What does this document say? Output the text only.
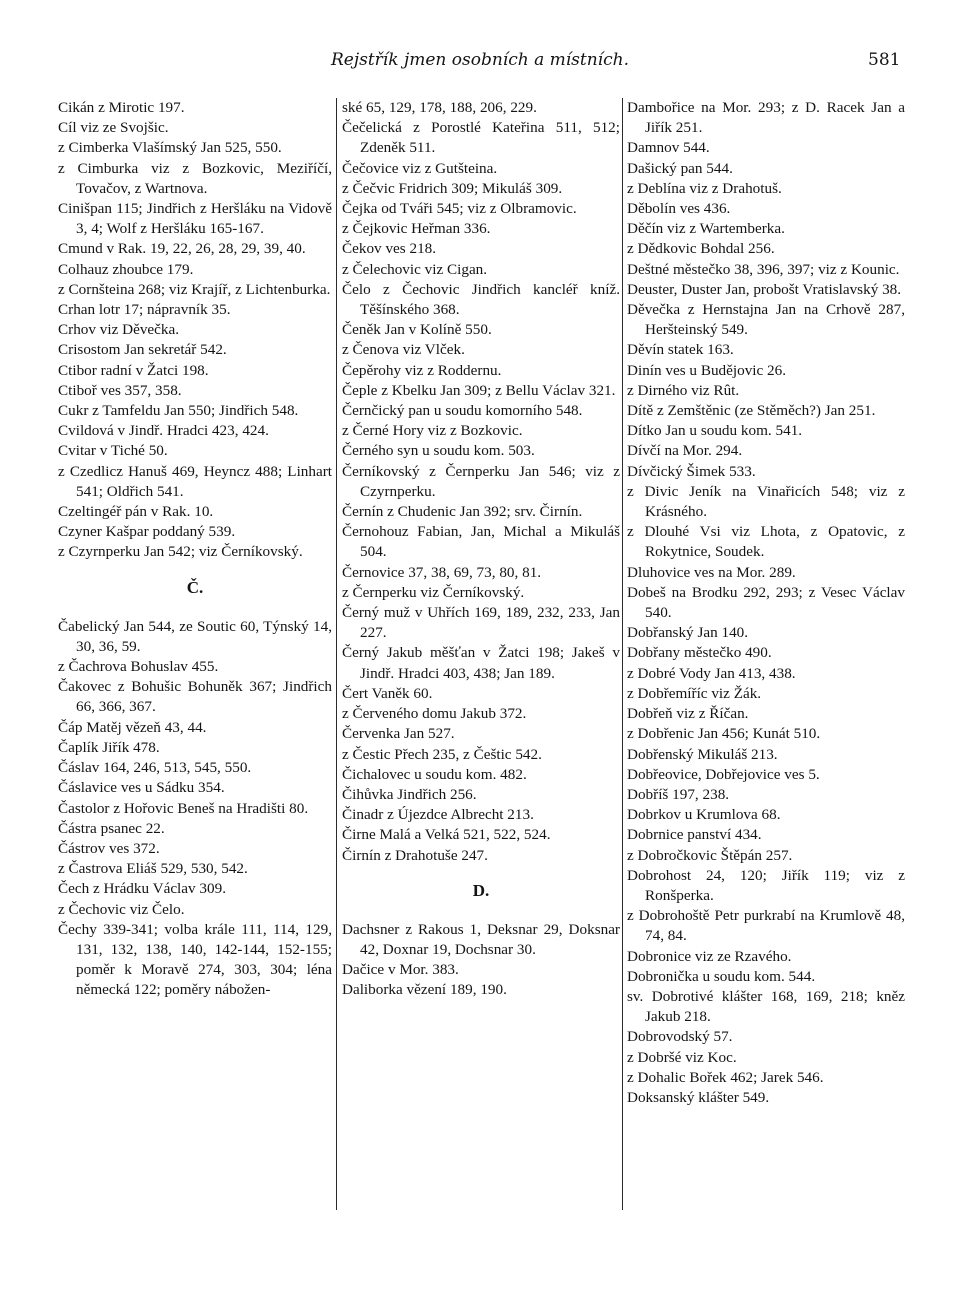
Rejstřík jmen osobních a místních.	581

Cikán z Mirotic 197.

Cíl viz ze Svojšic.

z Cimberka Vlašímský Jan 525, 550.

z Cimburka viz z Bozkovic, Meziříčí, Tovačov, z Wartnova.

Cinišpan 115; Jindřich z Heršláku na Vidově 3, 4; Wolf z Heršláku 165-167.

Cmund v Rak. 19, 22, 26, 28, 29, 39, 40.

Colhauz zhoubce 179.

z Cornšteina 268; viz Krajíř, z Lichtenburka.

Crhan lotr 17; nápravník 35.

Crhov viz Děvečka.

Crisostom Jan sekretář 542.

Ctibor radní v Žatci 198.

Ctiboř ves 357, 358.

Cukr z Tamfeldu Jan 550; Jindřich 548.

Cvildová v Jindř. Hradci 423, 424.

Cvitar v Tiché 50.

z Czedlicz Hanuš 469, Heyncz 488; Linhart 541; Oldřich 541.

Czeltingéř pán v Rak. 10.

Czyner Kašpar poddaný 539.

z Czyrnperku Jan 542; viz Černíkovský.

Č.

Čabelický Jan 544, ze Soutic 60, Týnský 14, 30, 36, 59.

z Čachrova Bohuslav 455.

Čakovec z Bohušic Bohuněk 367; Jindřich 66, 366, 367.

Čáp Matěj vězeň 43, 44.

Čaplík Jiřík 478.

Čáslav 164, 246, 513, 545, 550.

Čáslavice ves u Sádku 354.

Častolor z Hořovic Beneš na Hradišti 80.

Částra psanec 22.

Částrov ves 372.

z Častrova Eliáš 529, 530, 542.

Čech z Hrádku Václav 309.

z Čechovic viz Čelo.

Čechy 339-341; volba krále 111, 114, 129, 131, 132, 138, 140, 142-144, 152-155; poměr k Moravě 274, 303, 304; léna německá 122; poměry nábožen-

ské 65, 129, 178, 188, 206, 229.

Čečelická z Porostlé Kateřina 511, 512; Zdeněk 511.

Čečovice viz z Gutšteina.

z Čečvic Fridrich 309; Mikuláš 309.

Čejka od Tváři 545; viz z Olbramovic.

z Čejkovic Heřman 336.

Čekov ves 218.

z Čelechovic viz Cigan.

Čelo z Čechovic Jindřich kancléř kníž. Těšínského 368.

Čeněk Jan v Kolíně 550.

z Čenova viz Vlček.

Čepěrohy viz z Roddernu.

Čeple z Kbelku Jan 309; z Bellu Václav 321.

Černčický pan u soudu komorního 548.

z Černé Hory viz z Bozkovic.

Černého syn u soudu kom. 503.

Černíkovský z Černperku Jan 546; viz z Czyrnperku.

Černín z Chudenic Jan 392; srv. Čirnín.

Černohouz Fabian, Jan, Michal a Mikuláš 504.

Černovice 37, 38, 69, 73, 80, 81.

z Černperku viz Černíkovský.

Černý muž v Uhřích 169, 189, 232, 233, Jan 227.

Černý Jakub měšťan v Žatci 198; Jakeš v Jindř. Hradci 403, 438; Jan 189.

Čert Vaněk 60.

z Červeného domu Jakub 372.

Červenka Jan 527.

z Čestic Přech 235, z Češtic 542.

Čichalovec u soudu kom. 482.

Čihůvka Jindřich 256.

Činadr z Újezdce Albrecht 213.

Čirne Malá a Velká 521, 522, 524.

Čirnín z Drahotuše 247.

D.

Dachsner z Rakous 1, Deksnar 29, Doksnar 42, Doxnar 19, Dochsnar 30.

Dačice v Mor. 383.

Daliborka vězení 189, 190.

Dambořice na Mor. 293; z D. Racek Jan a Jiřík 251.

Damnov 544.

Dašický pan 544.

z Deblína viz z Drahotuš.

Děbolín ves 436.

Děčín viz z Wartemberka.

z Dědkovic Bohdal 256.

Deštné městečko 38, 396, 397; viz z Kounic.

Deuster, Duster Jan, probošt Vratislavský 38.

Děvečka z Hernstajna Jan na Crhově 287, Heršteinský 549.

Děvín statek 163.

Dinín ves u Budějovic 26.

z Dirného viz Rût.

Dítě z Zemštěnic (ze Stěměch?) Jan 251.

Dítko Jan u soudu kom. 541.

Dívčí na Mor. 294.

Dívčický Šimek 533.

z Divic Jeník na Vinařicích 548; viz z Krásného.

z Dlouhé Vsi viz Lhota, z Opatovic, z Rokytnice, Soudek.

Dluhovice ves na Mor. 289.

Dobeš na Brodku 292, 293; z Vesec Václav 540.

Dobřanský Jan 140.

Dobřany městečko 490.

z Dobré Vody Jan 413, 438.

z Dobřemíříc viz Žák.

Dobřeň viz z Říčan.

z Dobřenic Jan 456; Kunát 510.

Dobřenský Mikuláš 213.

Dobřeovice, Dobřejovice ves 5.

Dobříš 197, 238.

Dobrkov u Krumlova 68.

Dobrnice panství 434.

z Dobročkovic Štěpán 257.

Dobrohost 24, 120; Jiřík 119; viz z Ronšperka.

z Dobrohoště Petr purkrabí na Krumlově 48, 74, 84.

Dobronice viz ze Rzavého.

Dobronička u soudu kom. 544.

sv. Dobrotivé klášter 168, 169, 218; kněz Jakub 218.

Dobrovodský 57.

z Dobršé viz Koc.

z Dohalic Bořek 462; Jarek 546.

Doksanský klášter 549.
